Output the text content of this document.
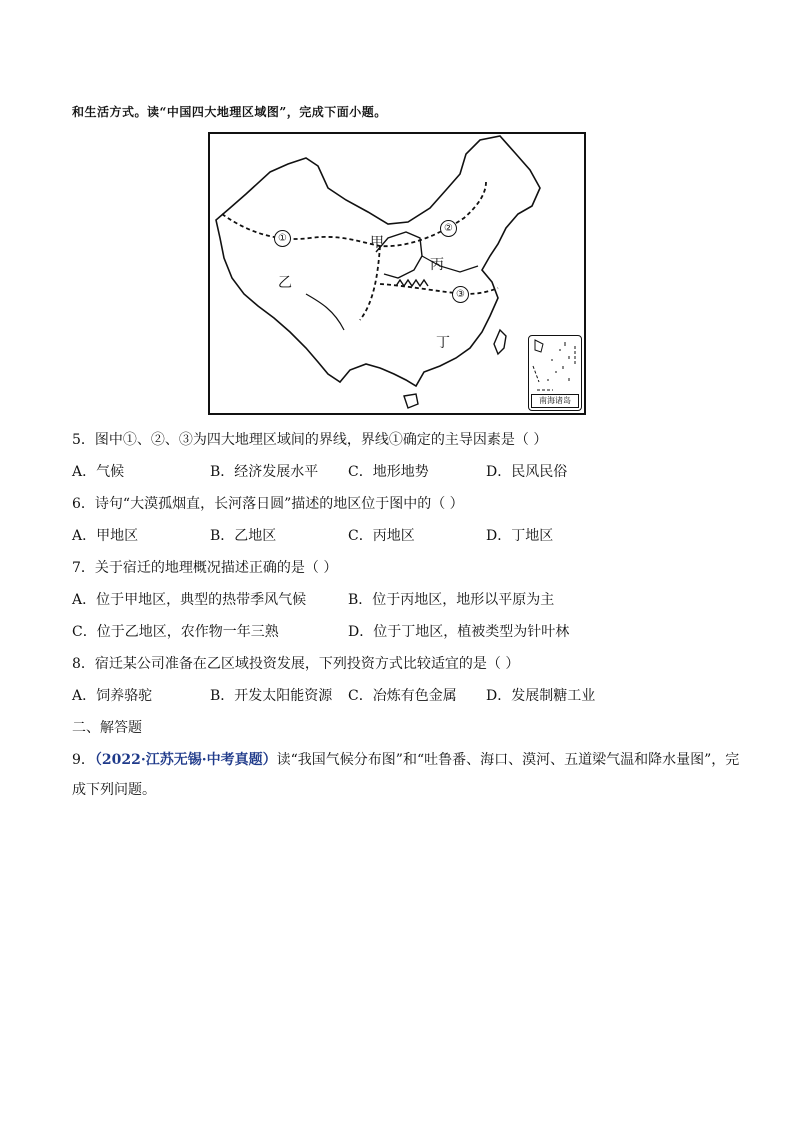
和生活方式。读“中国四大地理区域图”，完成下面小题。
甲
乙
丙
丁
①
②
③
南海诸岛
5．图中①、②、③为四大地理区域间的界线，界线①确定的主导因素是（ ）
A．气候	B．经济发展水平 C．地形地势	D．民风民俗
6．诗句“大漠孤烟直，长河落日圆”描述的地区位于图中的（ ）
A．甲地区	B．乙地区	C．丙地区	D．丁地区
7．关于宿迁的地理概况描述正确的是（ ）
A．位于甲地区，典型的热带季风气候	B．位于丙地区，地形以平原为主
C．位于乙地区，农作物一年三熟	D．位于丁地区，植被类型为针叶林
8．宿迁某公司准备在乙区域投资发展，下列投资方式比较适宜的是（ ）
A．饲养骆驼	B．开发太阳能资源 C．冶炼有色金属 D．发展制糖工业
二、解答题
9．（2022·江苏无锡·中考真题）读“我国气候分布图”和“吐鲁番、海口、漠河、五道梁气温和降水量图”，完
成下列问题。
